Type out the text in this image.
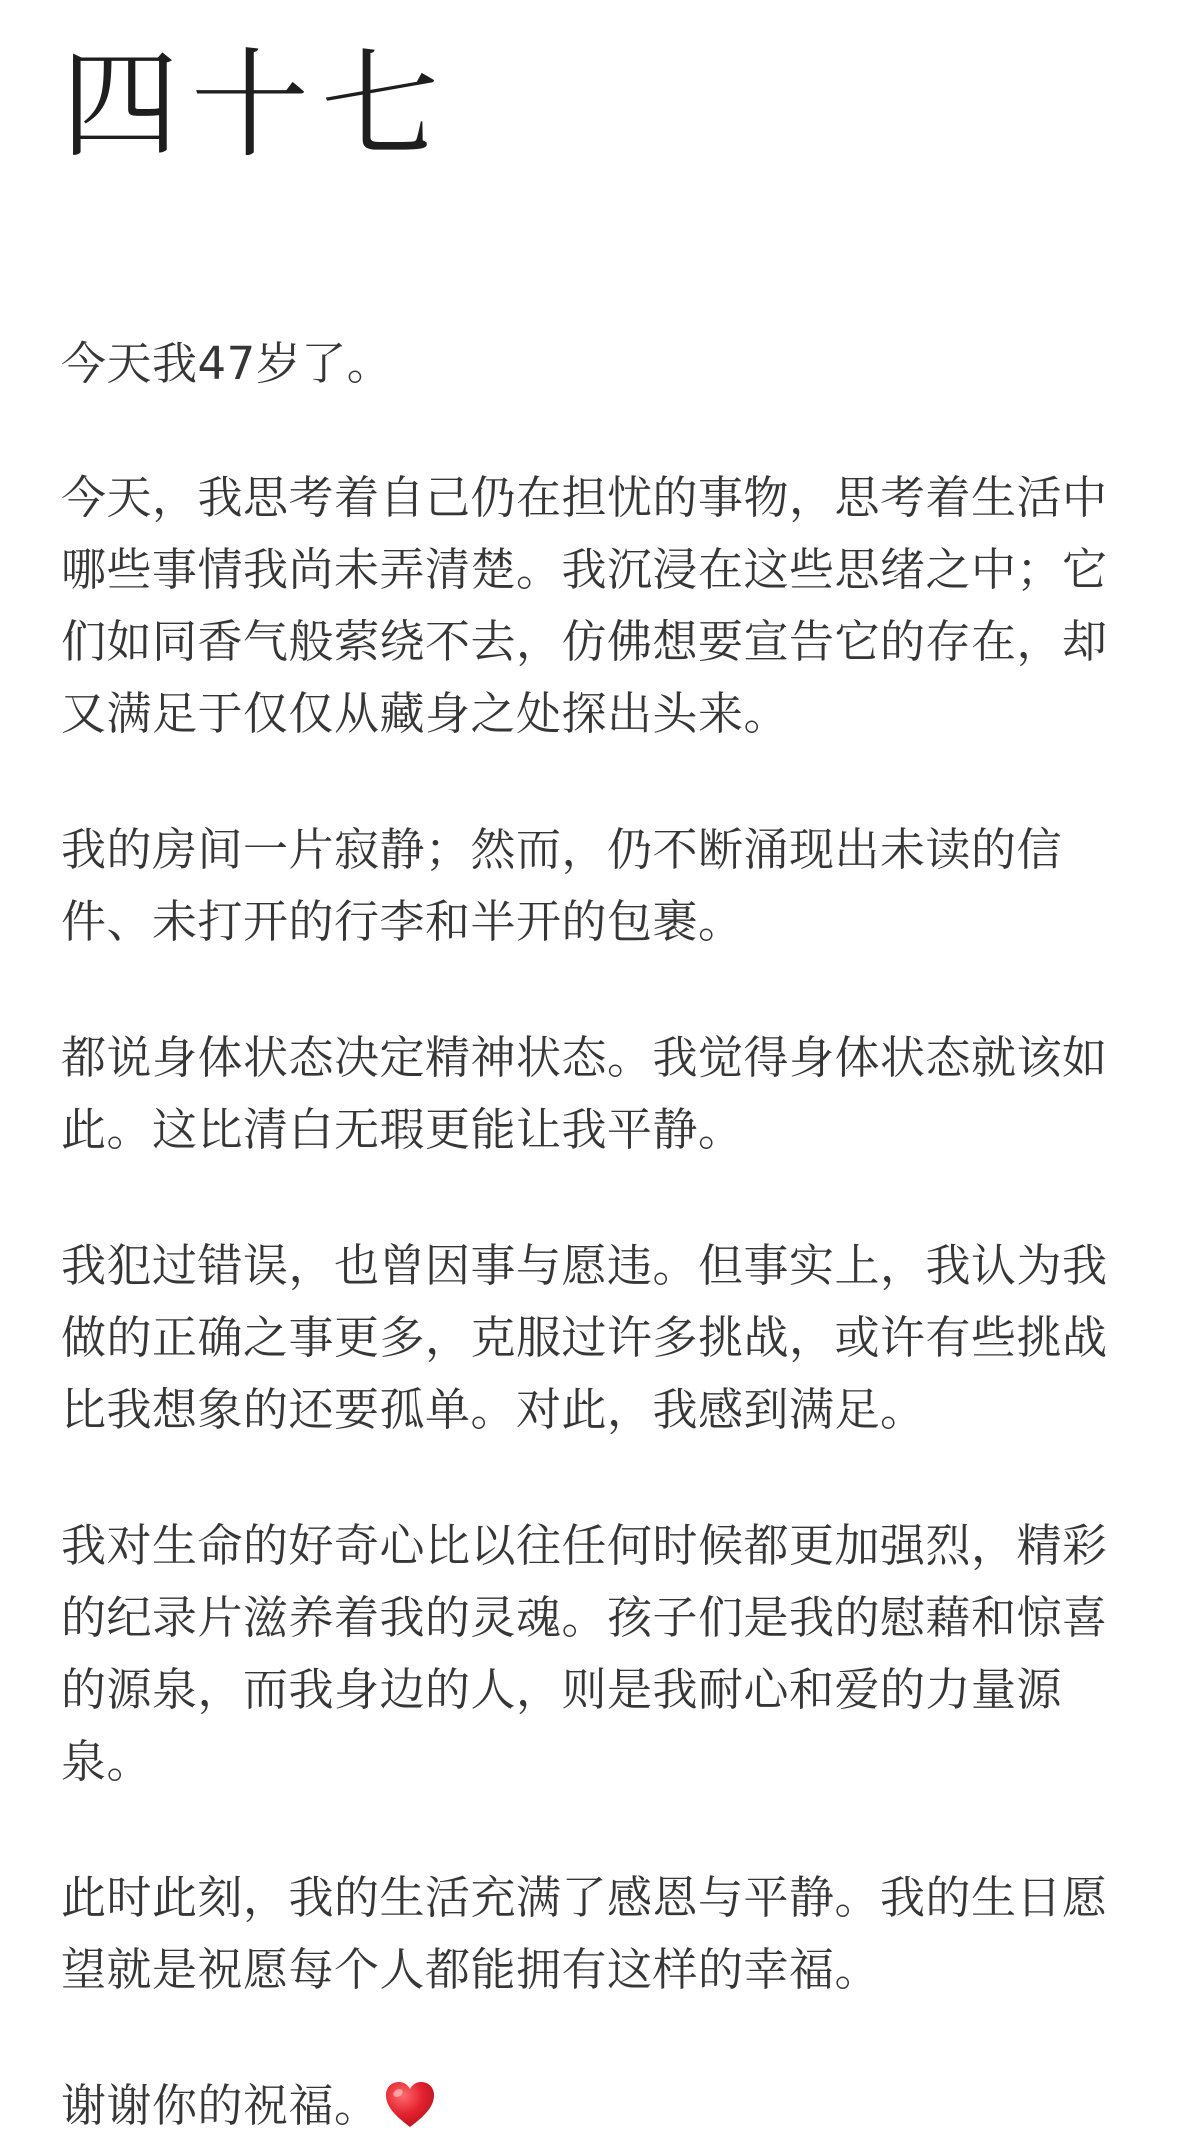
四十七

今天我47岁了。

今天，我思考着自己仍在担忧的事物，思考着生活中哪些事情我尚未弄清楚。我沉浸在这些思绪之中；它们如同香气般萦绕不去，仿佛想要宣告它的存在，却又满足于仅仅从藏身之处探出头来。

我的房间一片寂静；然而，仍不断涌现出未读的信件、未打开的行李和半开的包裹。

都说身体状态决定精神状态。我觉得身体状态就该如此。这比清白无瑕更能让我平静。

我犯过错误，也曾因事与愿违。但事实上，我认为我做的正确之事更多，克服过许多挑战，或许有些挑战比我想象的还要孤单。对此，我感到满足。

我对生命的好奇心比以往任何时候都更加强烈，精彩的纪录片滋养着我的灵魂。孩子们是我的慰藉和惊喜的源泉，而我身边的人，则是我耐心和爱的力量源泉。

此时此刻，我的生活充满了感恩与平静。我的生日愿望就是祝愿每个人都能拥有这样的幸福。

谢谢你的祝福。
